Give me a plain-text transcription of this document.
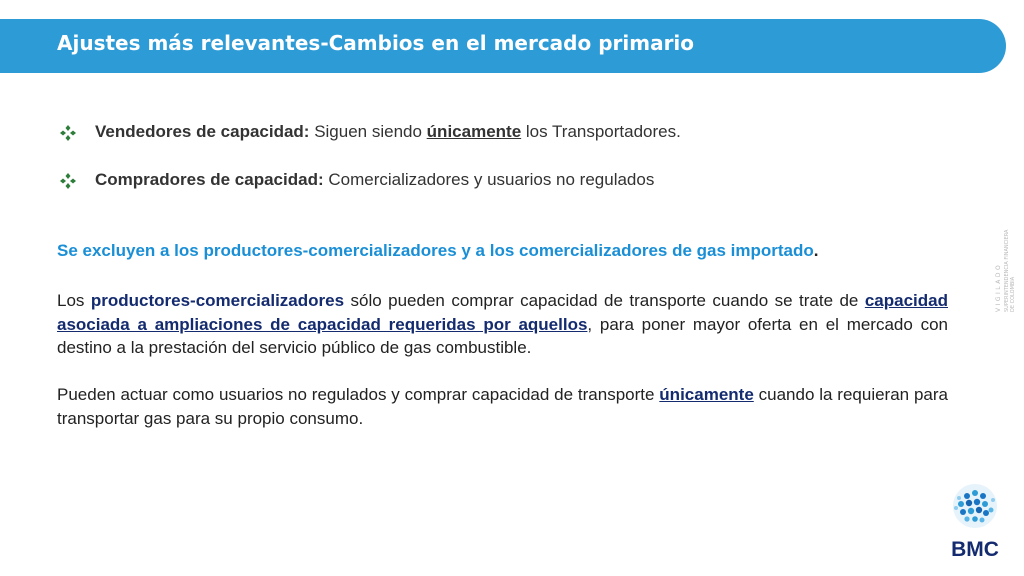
Ajustes más relevantes-Cambios en el mercado primario
Vendedores de capacidad: Siguen siendo únicamente los Transportadores.
Compradores de capacidad: Comercializadores y usuarios no regulados
Se excluyen a los productores-comercializadores y a los comercializadores de gas importado.
Los productores-comercializadores sólo pueden comprar capacidad de transporte cuando se trate de capacidad asociada a ampliaciones de capacidad requeridas por aquellos, para poner mayor oferta en el mercado con destino a la prestación del servicio público de gas combustible.
Pueden actuar como usuarios no regulados y comprar capacidad de transporte únicamente cuando la requieran para transportar gas para su propio consumo.
VIGILADO SUPERINTENDENCIA FINANCIERA DE COLOMBIA
BMC
